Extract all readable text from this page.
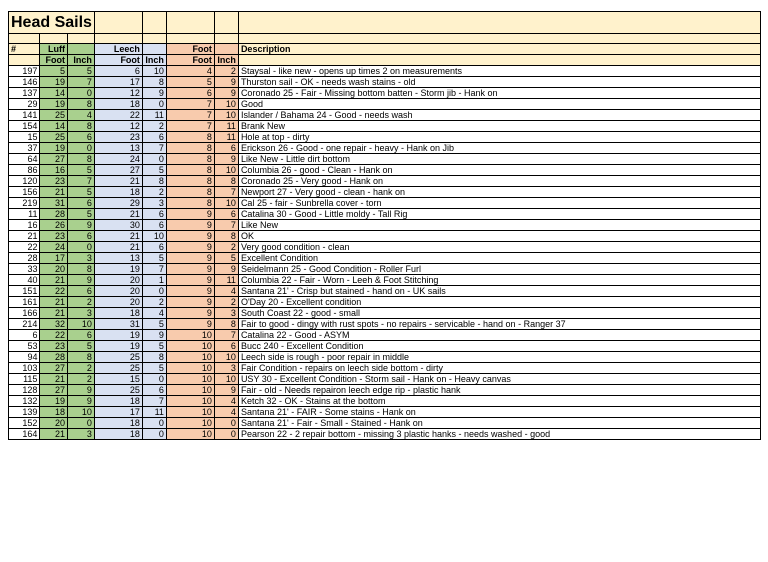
Head Sails							

#	Luff		Leech		Foot		Description
	Foot	Inch	Foot	Inch	Foot	Inch	
197	5	5	6	10	4	2	Staysal - like new - opens up times 2 on measurements
146	19	7	17	8	5	9	Thurston sail - OK - needs wash stains - old
137	14	0	12	9	6	9	Coronado 25 - Fair - Missing bottom batten - Storm jib - Hank on
29	19	8	18	0	7	10	Good
141	25	4	22	11	7	10	Islander / Bahama 24 - Good - needs wash
154	14	8	12	2	7	11	Brank New
15	25	6	23	6	8	11	Hole at top - dirty
37	19	0	13	7	8	6	Erickson 26 - Good - one repair - heavy - Hank on Jib
64	27	8	24	0	8	9	Like New - Little dirt bottom
86	16	5	27	5	8	10	Columbia 26 - good - Clean - Hank on
120	23	7	21	8	8	8	Coronado 25 - Very good - Hank on
156	21	5	18	2	8	7	Newport 27 - Very good - clean - hank on
219	31	6	29	3	8	10	Cal 25 - fair - Sunbrella cover - torn
11	28	5	21	6	9	6	Catalina 30 - Good - Little moldy - Tall Rig
16	26	9	30	6	9	7	Like New
21	23	6	21	10	9	8	OK
22	24	0	21	6	9	2	Very good condition - clean
28	17	3	13	5	9	5	Excellent Condition
33	20	8	19	7	9	9	Seidelmann 25 - Good Condition - Roller Furl
40	21	9	20	1	9	11	Columbia 22 - Fair - Worn - Leeh & Foot Stitching
151	22	6	20	0	9	4	Santana 21' - Crisp but stained - hand on - UK sails
161	21	2	20	2	9	2	O'Day 20 - Excellent condition
166	21	3	18	4	9	3	South Coast 22 - good - small
214	32	10	31	5	9	8	Fair to good - dingy with rust spots - no repairs - servicable - hand on - Ranger 37
6	22	6	19	9	10	7	Catalina 22 - Good - ASYM
53	23	5	19	5	10	6	Bucc 240 - Excellent Condition
94	28	8	25	8	10	10	Leech side is rough - poor repair in middle
103	27	2	25	5	10	3	Fair Condition - repairs on leech side bottom - dirty
115	21	2	15	0	10	10	USY 30 - Excellent Condition - Storm sail - Hank on - Heavy canvas
128	27	9	25	6	10	9	Fair - old - Needs repairon leech edge rip - plastic hank
132	19	9	18	7	10	4	Ketch 32 - OK - Stains at the bottom
139	18	10	17	11	10	4	Santana 21' - FAIR - Some stains - Hank on
152	20	0	18	0	10	0	Santana 21' - Fair - Small - Stained - Hank on
164	21	3	18	0	10	0	Pearson 22 - 2 repair bottom - missing 3 plastic hanks - needs washed - good
